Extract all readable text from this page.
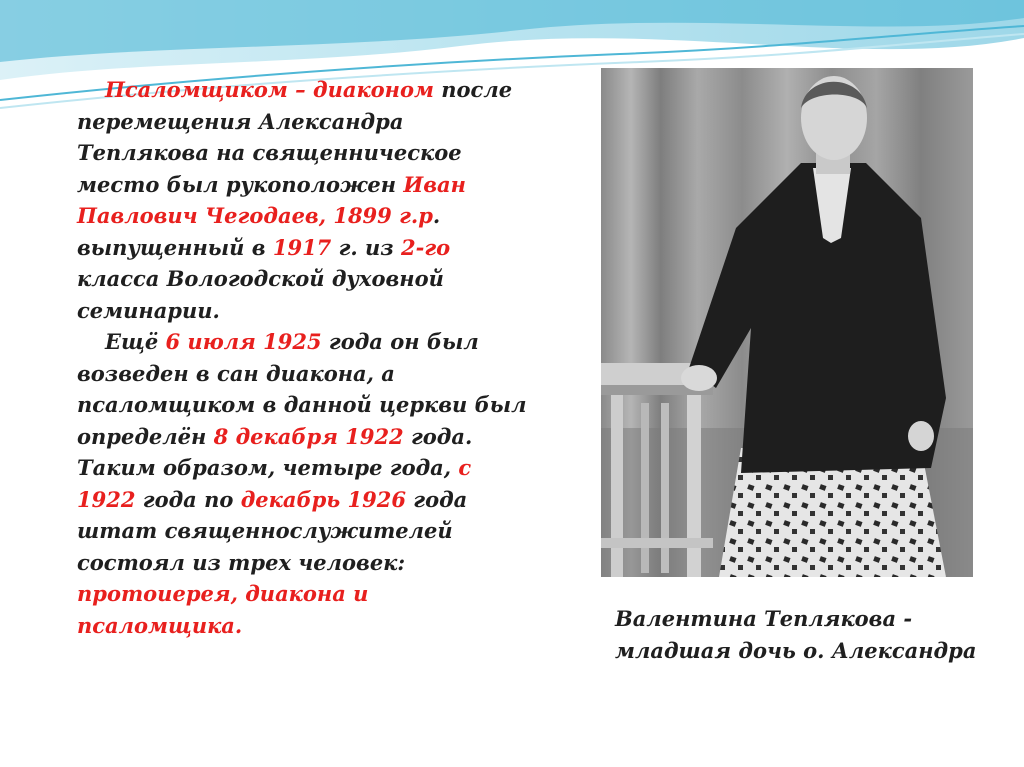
Псаломщиком – диаконом после перемещения Александра Теплякова на священническое место был рукоположен Иван Павлович Чегодаев, 1899 г.р. выпущенный в 1917 г. из 2-го класса Вологодской духовной семинарии.

Ещё 6 июля 1925 года он был возведен в сан диакона, а псаломщиком в данной церкви был определён 8 декабря 1922 года. Таким образом, четыре года, с 1922 года по декабрь 1926 года штат священнослужителей состоял из трех человек: протоиерея, диакона и псаломщика.	Валентина Теплякова -

младшая дочь о. Александра
